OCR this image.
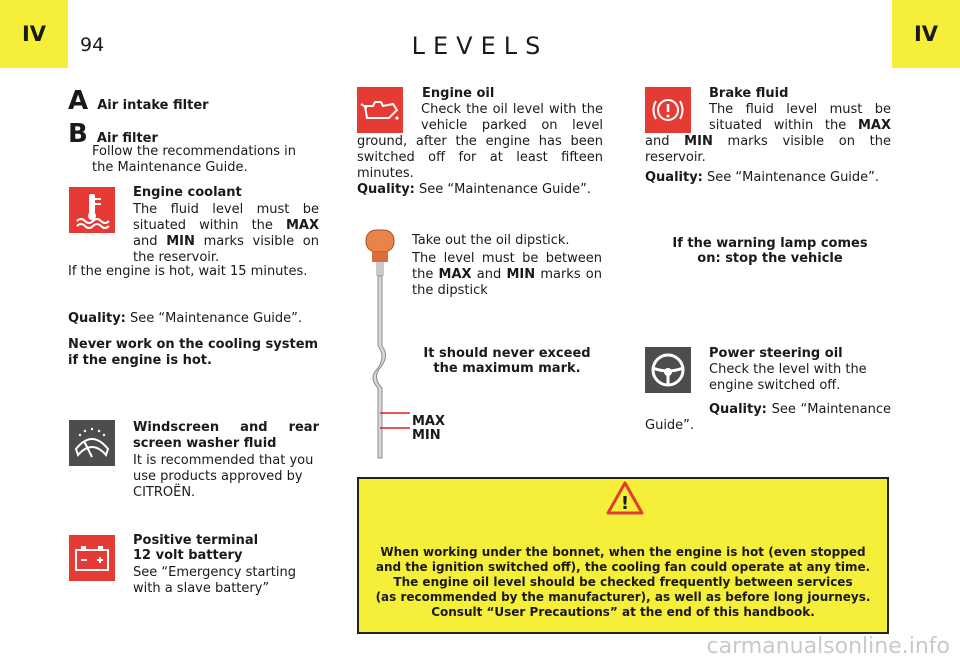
IV	IV
94	LEVELS
A Air intake filter
B Air filter
Follow the recommendations in the Maintenance Guide.
Engine coolant
The fluid level must be situated within the MAX and MIN marks visible on the reservoir.
If the engine is hot, wait 15 minutes.
Quality: See “Maintenance Guide”.
Never work on the cooling system if the engine is hot.
Windscreen and rear screen washer fluid
It is recommended that you use products approved by CITROËN.
Positive terminal
12 volt battery
See “Emergency starting with a slave battery”
Engine oil
Check the oil level with the vehicle parked on level ground, after the engine has been switched off for at least fifteen minutes.
Quality: See “Maintenance Guide”.
MAX
MIN
Take out the oil dipstick.
The level must be between the MAX and MIN marks on the dipstick
It should never exceed
the maximum mark.
Brake fluid
The fluid level must be situated within the MAX and MIN marks visible on the reservoir.
Quality: See “Maintenance Guide”.
If the warning lamp comes
on: stop the vehicle
Power steering oil
Check the level with the engine switched off.
Quality: See “Maintenance Guide”.
!
When working under the bonnet, when the engine is hot (even stopped
and the ignition switched off), the cooling fan could operate at any time.
The engine oil level should be checked frequently between services
(as recommended by the manufacturer), as well as before long journeys.
Consult “User Precautions” at the end of this handbook.
carmanualsonline.info
